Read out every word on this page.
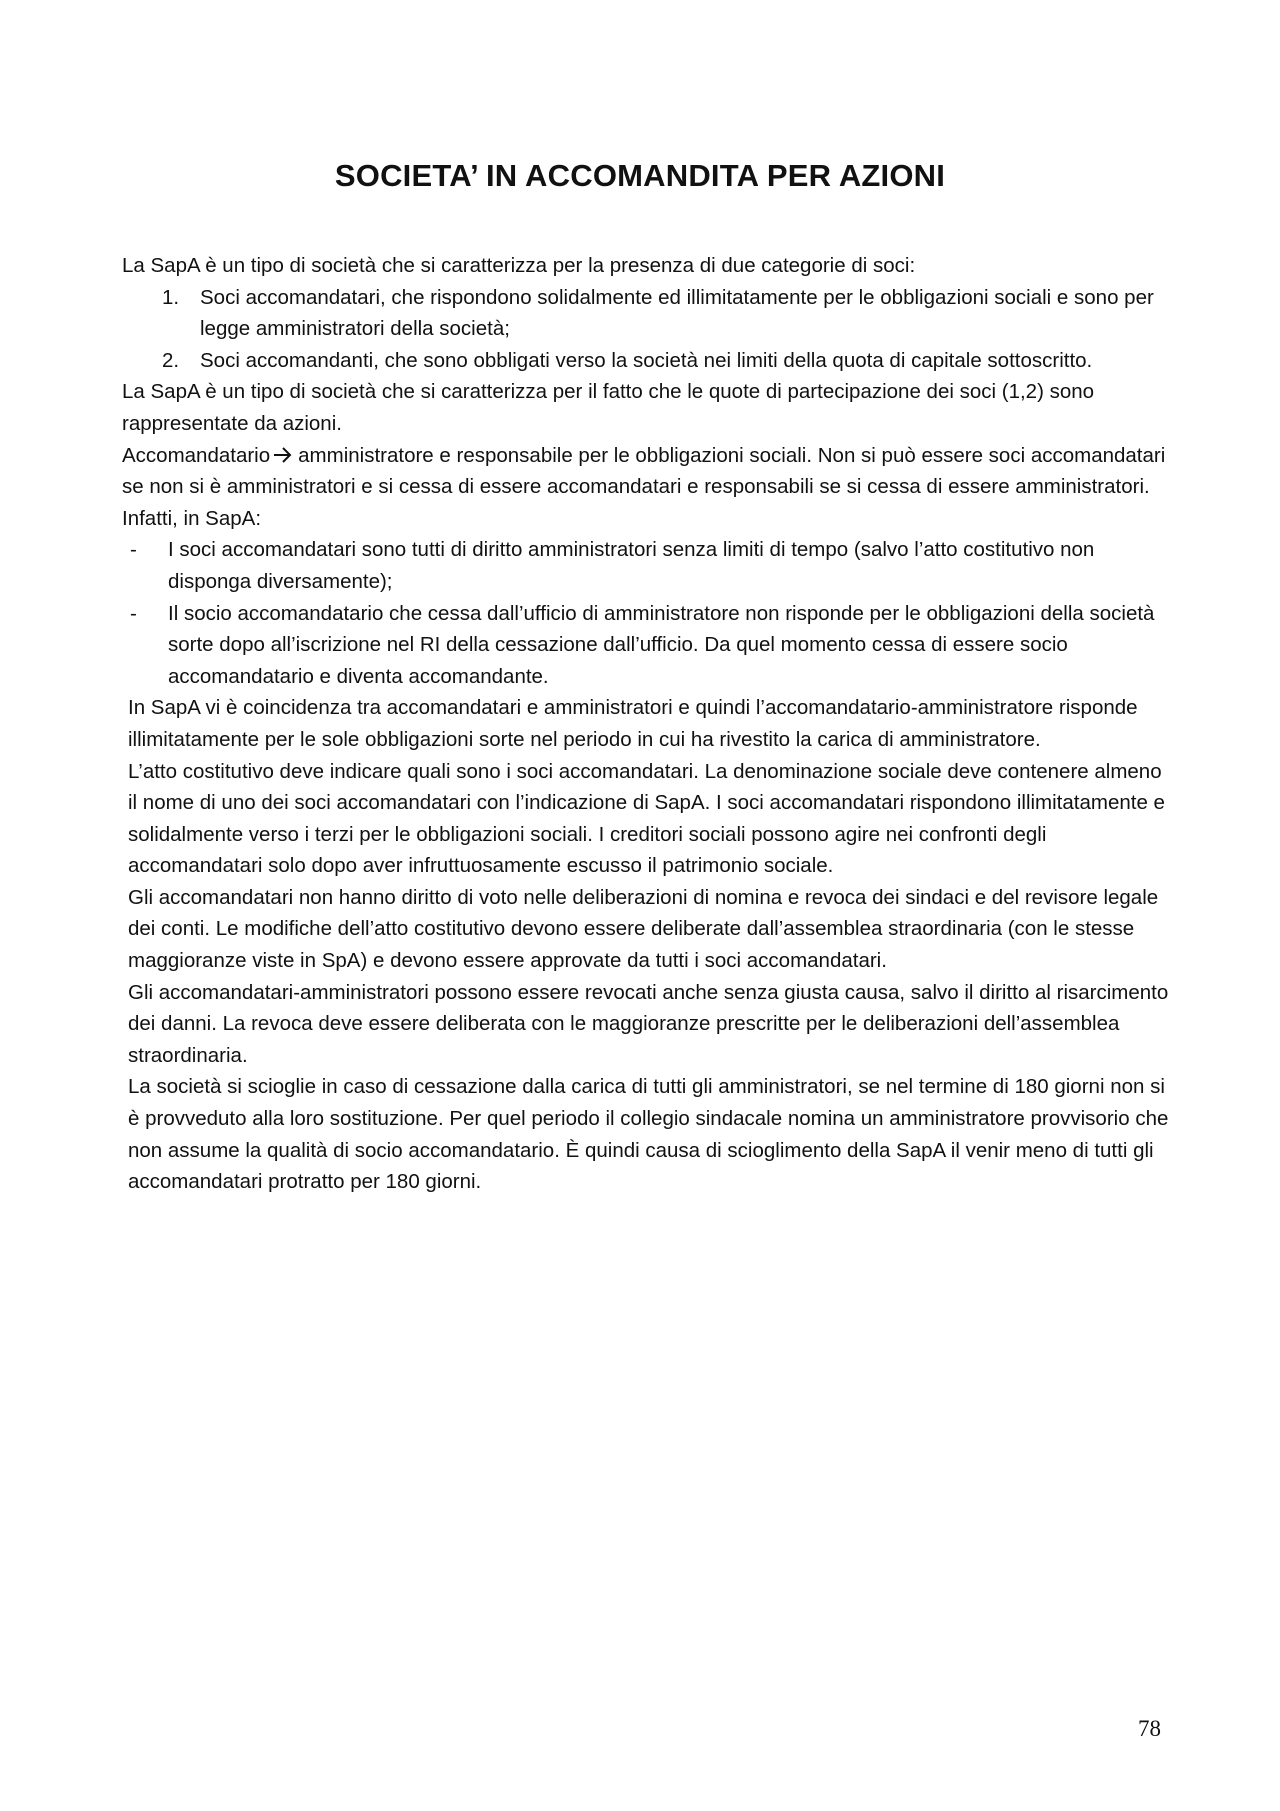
SOCIETA’ IN ACCOMANDITA PER AZIONI

La SapA è un tipo di società che si caratterizza per la presenza di due categorie di soci:

1. Soci accomandatari, che rispondono solidalmente ed illimitatamente per le obbligazioni sociali e sono per legge amministratori della società;
2. Soci accomandanti, che sono obbligati verso la società nei limiti della quota di capitale sottoscritto.

La SapA è un tipo di società che si caratterizza per il fatto che le quote di partecipazione dei soci (1,2) sono rappresentate da azioni.

Accomandatario amministratore e responsabile per le obbligazioni sociali. Non si può essere soci accomandatari se non si è amministratori e si cessa di essere accomandatari e responsabili se si cessa di essere amministratori. Infatti, in SapA:

- I soci accomandatari sono tutti di diritto amministratori senza limiti di tempo (salvo l’atto costitutivo non disponga diversamente);
- Il socio accomandatario che cessa dall’ufficio di amministratore non risponde per le obbligazioni della società sorte dopo all’iscrizione nel RI della cessazione dall’ufficio. Da quel momento cessa di essere socio accomandatario e diventa accomandante.

In SapA vi è coincidenza tra accomandatari e amministratori e quindi l’accomandatario-amministratore risponde illimitatamente per le sole obbligazioni sorte nel periodo in cui ha rivestito la carica di amministratore.

L’atto costitutivo deve indicare quali sono i soci accomandatari. La denominazione sociale deve contenere almeno il nome di uno dei soci accomandatari con l’indicazione di SapA. I soci accomandatari rispondono illimitatamente e solidalmente verso i terzi per le obbligazioni sociali. I creditori sociali possono agire nei confronti degli accomandatari solo dopo aver infruttuosamente escusso il patrimonio sociale.

Gli accomandatari non hanno diritto di voto nelle deliberazioni di nomina e revoca dei sindaci e del revisore legale dei conti. Le modifiche dell’atto costitutivo devono essere deliberate dall’assemblea straordinaria (con le stesse maggioranze viste in SpA) e devono essere approvate da tutti i soci accomandatari.

Gli accomandatari-amministratori possono essere revocati anche senza giusta causa, salvo il diritto al risarcimento dei danni. La revoca deve essere deliberata con le maggioranze prescritte per le deliberazioni dell’assemblea straordinaria.

La società si scioglie in caso di cessazione dalla carica di tutti gli amministratori, se nel termine di 180 giorni non si è provveduto alla loro sostituzione. Per quel periodo il collegio sindacale nomina un amministratore provvisorio che non assume la qualità di socio accomandatario. È quindi causa di scioglimento della SapA il venir meno di tutti gli accomandatari protratto per 180 giorni.

78
